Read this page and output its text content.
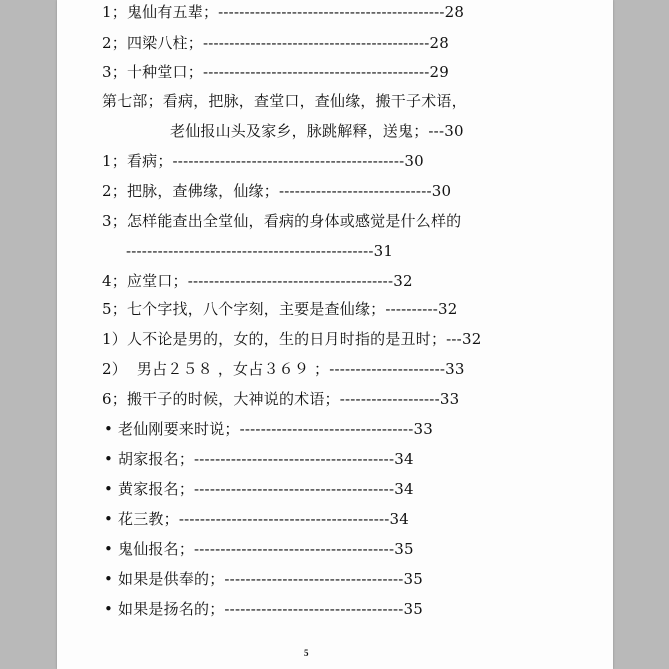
1；鬼仙有五辈；-------------------------------------------28
2；四梁八柱；-------------------------------------------28
3；十种堂口；-------------------------------------------29
第七部；看病，把脉，查堂口，查仙缘，搬干子术语，
老仙报山头及家乡，脉跳解释，送鬼；---30
1；看病；--------------------------------------------30
2；把脉，查佛缘，仙缘；-----------------------------30
3；怎样能查出全堂仙，看病的身体或感觉是什么样的
-----------------------------------------------31
4；应堂口；---------------------------------------32
5；七个字找，八个字刻，主要是查仙缘；----------32
1）人不论是男的，女的，生的日月时指的是丑时；---32
2）  男占２５８ ，女占３６９ ；----------------------33
6；搬干子的时候，大神说的术语；-------------------33
• 老仙刚要来时说；---------------------------------33
• 胡家报名；--------------------------------------34
• 黄家报名；--------------------------------------34
• 花三教；----------------------------------------34
• 鬼仙报名；--------------------------------------35
• 如果是供奉的；----------------------------------35
• 如果是扬名的；----------------------------------35
5
